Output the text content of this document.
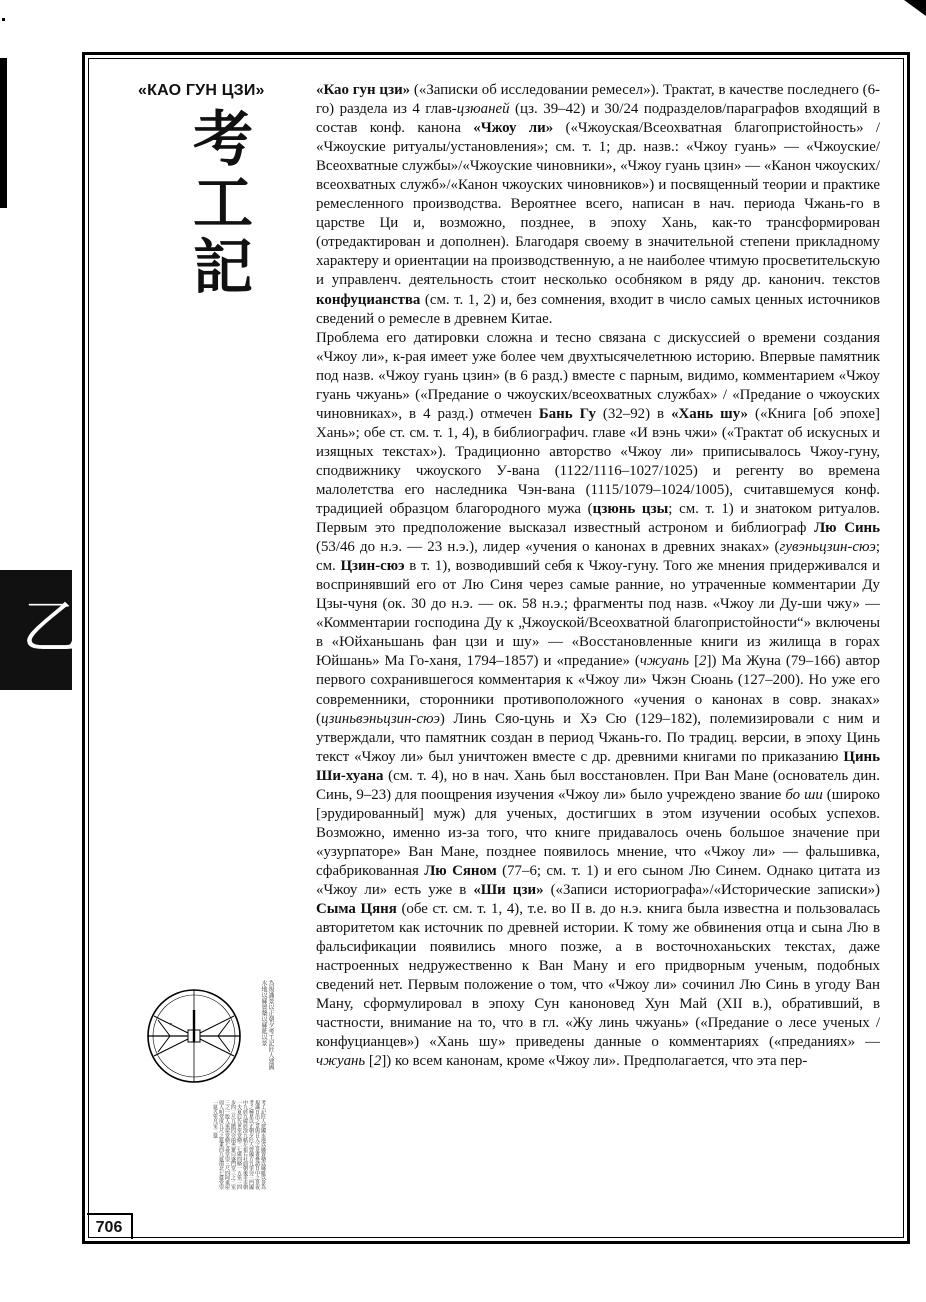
乙
«КАО ГУН ЦЗИ»
考
工
記

«Као гун цзи» («Записки об исследовании ремесел»). Трактат, в качестве последнего (6-го) раздела из 4 глав-цзюаней (цз. 39–42) и 30/24 подразделов/параграфов входящий в состав конф. канона «Чжоу ли» («Чжоуская/Всеохватная благопристойность» / «Чжоуские ритуалы/установления»; см. т. 1; др. назв.: «Чжоу гуань» — «Чжоуские/Всеохватные службы»/«Чжоуские чиновники», «Чжоу гуань цзин» — «Канон чжоуских/всеохватных служб»/«Канон чжоуских чиновников») и посвященный теории и практике ремесленного производства. Вероятнее всего, написан в нач. периода Чжань-го в царстве Ци и, возможно, позднее, в эпоху Хань, как-то трансформирован (отредактирован и дополнен). Благодаря своему в значительной степени прикладному характеру и ориентации на производственную, а не наиболее чтимую просветительскую и управленч. деятельность стоит несколько особняком в ряду др. канонич. текстов конфуцианства (см. т. 1, 2) и, без сомнения, входит в число самых ценных источников сведений о ремесле в древнем Китае.

Проблема его датировки сложна и тесно связана с дискуссией о времени создания «Чжоу ли», к-рая имеет уже более чем двухтысячелетнюю историю. Впервые памятник под назв. «Чжоу гуань цзин» (в 6 разд.) вместе с парным, видимо, комментарием «Чжоу гуань чжуань» («Предание о чжоуских/всеохватных службах» / «Предание о чжоуских чиновниках», в 4 разд.) отмечен Бань Гу (32–92) в «Хань шу» («Книга [об эпохе] Хань»; обе ст. см. т. 1, 4), в библиографич. главе «И вэнь чжи» («Трактат об искусных и изящных текстах»). Традиционно авторство «Чжоу ли» приписывалось Чжоу-гуну, сподвижнику чжоуского У-вана (1122/1116–1027/1025) и регенту во времена малолетства его наследника Чэн-вана (1115/1079–1024/1005), считавшемуся конф. традицией образцом благородного мужа (цзюнь цзы; см. т. 1) и знатоком ритуалов. Первым это предположение высказал известный астроном и библиограф Лю Синь (53/46 до н.э. — 23 н.э.), лидер «учения о канонах в древних знаках» (гувэньцзин-сюэ; см. Цзин-сюэ в т. 1), возводивший себя к Чжоу-гуну. Того же мнения придерживался и воспринявший его от Лю Синя через самые ранние, но утраченные комментарии Ду Цзы-чуня (ок. 30 до н.э. — ок. 58 н.э.; фрагменты под назв. «Чжоу ли Ду-ши чжу» — «Комментарии господина Ду к „Чжоуской/Всеохватной благопристойности“» включены в «Юйханьшань фан цзи и шу» — «Восстановленные книги из жилища в горах Юйшань» Ма Го-ханя, 1794–1857) и «предание» (чжуань [2]) Ма Жуна (79–166) автор первого сохранившегося комментария к «Чжоу ли» Чжэн Сюань (127–200). Но уже его современники, сторонники противоположного «учения о канонах в совр. знаках» (цзиньвэньцзин-сюэ) Линь Сяо-цунь и Хэ Сю (129–182), полемизировали с ним и утверждали, что памятник создан в период Чжань-го. По традиц. версии, в эпоху Цинь текст «Чжоу ли» был уничтожен вместе с др. древними книгами по приказанию Цинь Ши-хуана (см. т. 4), но в нач. Хань был восстановлен. При Ван Мане (основатель дин. Синь, 9–23) для поощрения изучения «Чжоу ли» было учреждено звание бо ши (широко [эрудированный] муж) для ученых, достигших в этом изучении особых успехов. Возможно, именно из-за того, что книге придавалось очень большое значение при «узурпаторе» Ван Мане, позднее появилось мнение, что «Чжоу ли» — фальшивка, сфабрикованная Лю Сяном (77–6; см. т. 1) и его сыном Лю Синем. Однако цитата из «Чжоу ли» есть уже в «Ши цзи» («Записи историографа»/«Исторические записки») Сыма Цяня (обе ст. см. т. 1, 4), т.е. во II в. до н.э. книга была известна и пользовалась авторитетом как источник по древней истории. К тому же обвинения отца и сына Лю в фальсификации появились много позже, а в восточноханьских текстах, даже настроенных недружественно к Ван Ману и его придворным ученым, подобных сведений нет. Первым положение о том, что «Чжоу ли» сочинил Лю Синь в угоду Ван Ману, сформулировал в эпоху Сун каноновед Хун Май (XII в.), обративший, в частности, внимание на то, что в гл. «Жу линь чжуань» («Предание о лесе ученых / конфуцианцев») «Хань шу» приведены данные о комментариях («преданиях» — чжуань [2]) ко всем канонам, кроме «Чжоу ли». Предполагается, что эта пер-

・	為規識景以正朝夕考工記匠人建國水地以縣置槷以縣眡以景
考工記匠人建國水地以縣置槷以縣眡以景為規識日出之景與日入之景晝參諸日中之景夜考之極星以正朝夕匠人營國方九里旁三門國中九經九緯經涂九軌左祖右社面朝後市市朝一夫夏后氏世室堂脩二七廣四脩一五室三四步四三尺九階四旁兩夾窻白盛門堂三之二室三之一殷人重屋堂脩七尋堂崇三尺四阿重屋周人明堂度九尺之筵東西九筵南北七筵堂崇一筵五室凡室二筵
706
